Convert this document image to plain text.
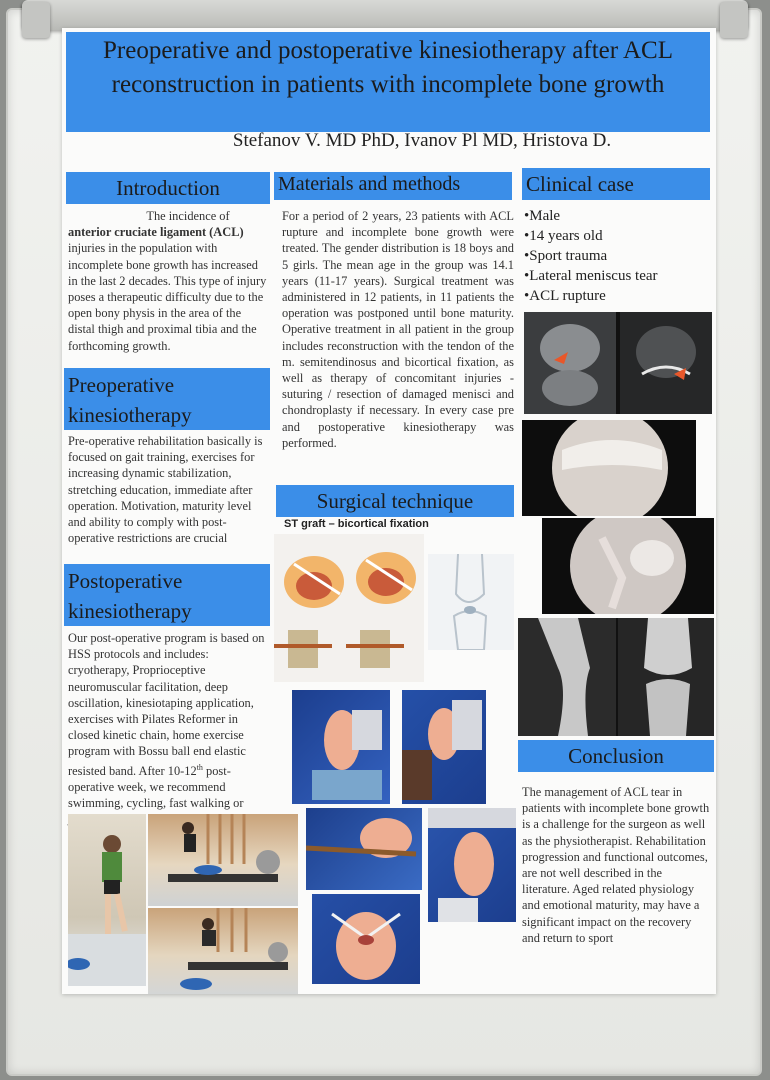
Preoperative and postoperative kinesiotherapy after ACL reconstruction in patients with incomplete bone growth
Stefanov V. MD PhD, Ivanov Pl MD, Hristova D.
Introduction
The incidence of
anterior cruciate ligament (ACL) injuries in the population with incomplete bone growth has increased in the last 2 decades. This type of injury poses a therapeutic difficulty due to the open bony physis in the area of the distal thigh and proximal tibia and the forthcoming growth.
Preoperative kinesiotherapy
Pre-operative rehabilitation basically is focused on gait training, exercises for increasing dynamic stabilization, stretching education, immediate after operation. Motivation, maturity level and ability to comply with post-operative restrictions are crucial
Postoperative kinesiotherapy
Our post-operative program is based on HSS protocols and includes: cryotherapy, Proprioceptive neuromuscular facilitation, deep oscillation, kinesiotaping application, exercises with Pilates Reformer in closed kinetic chain, home exercise program with Bossu ball end elastic resisted band. After 10-12th post-operative week, we recommend swimming, cycling, fast walking or
Materials and methods
For a period of 2 years, 23 patients with ACL rupture and incomplete bone growth were treated. The gender distribution is 18 boys and 5 girls. The mean age in the group was 14.1 years (11-17 years). Surgical treatment was administered in 12 patients, in 11 patients the operation was postponed until bone maturity. Operative treatment in all patient in the group includes reconstruction with the tendon of the m. semitendinosus and bicortical fixation, as well as therapy of concomitant injuries - suturing / resection of damaged menisci and chondroplasty if necessary. In every case pre and postoperative kinesiotherapy was performed.
Surgical technique
ST graft – bicortical fixation
Clinical case
•Male
•14 years old
•Sport trauma
•Lateral meniscus tear
•ACL rupture
Conclusion
The management of ACL tear in patients with incomplete bone growth is a challenge for the surgeon as well as the physiotherapist. Rehabilitation progression and functional outcomes, are not well described in the literature. Aged related physiology and emotional maturity, may have a significant impact on the recovery and return to sport
